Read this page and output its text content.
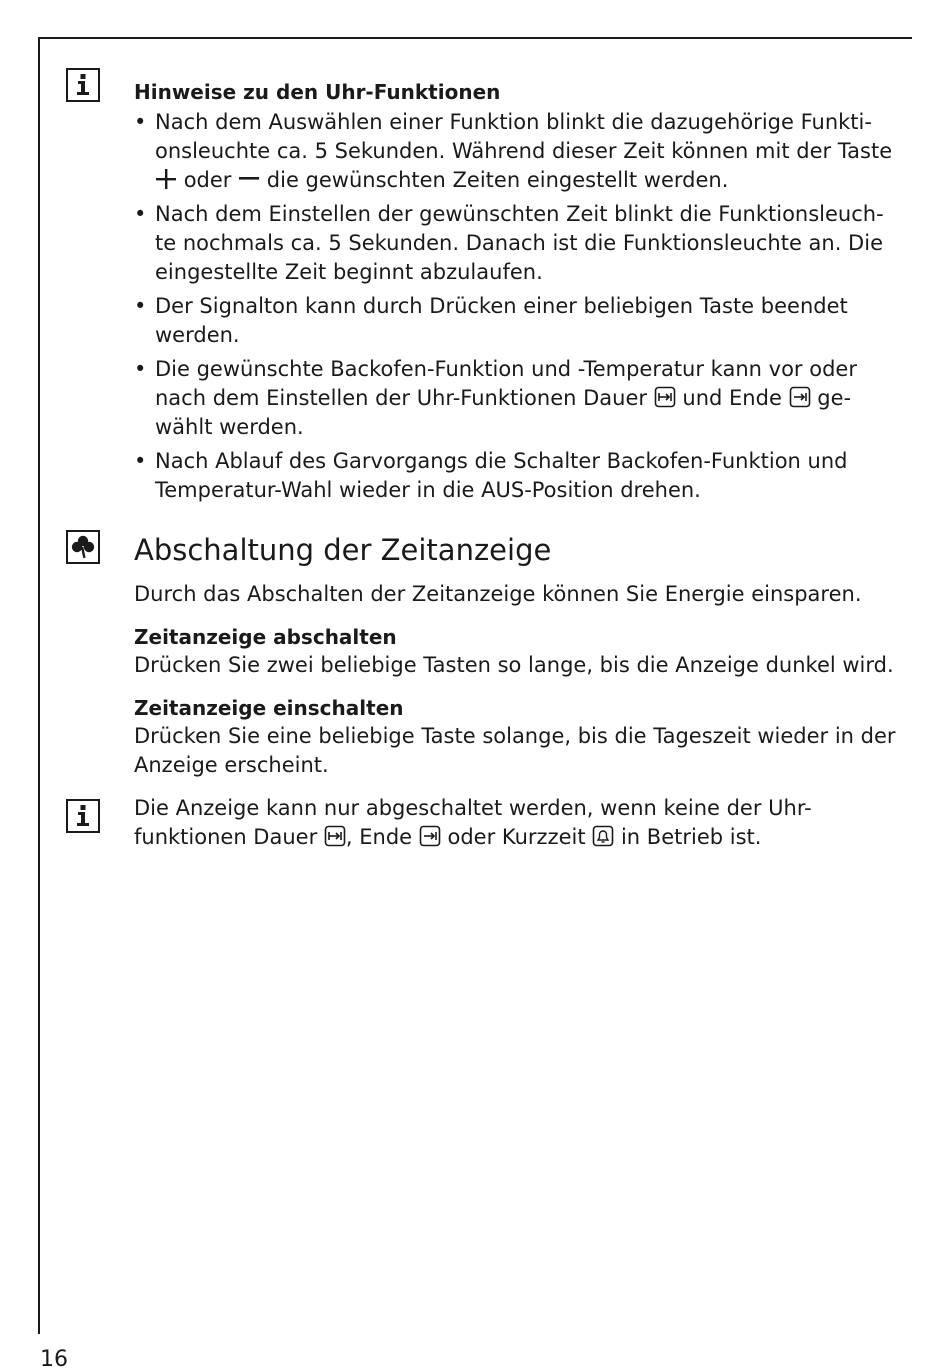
Hinweise zu den Uhr-Funktionen

• Nach dem Auswählen einer Funktion blinkt die dazugehörige Funkti-
onsleuchte ca. 5 Sekunden. Während dieser Zeit können mit der Taste

oder die gewünschten Zeiten eingestellt werden.
• Nach dem Einstellen der gewünschten Zeit blinkt die Funktionsleuch-
te nochmals ca. 5 Sekunden. Danach ist die Funktionsleuchte an. Die
eingestellte Zeit beginnt abzulaufen.
• Der Signalton kann durch Drücken einer beliebigen Taste beendet
werden.
• Die gewünschte Backofen-Funktion und -Temperatur kann vor oder
nach dem Einstellen der Uhr-Funktionen Dauer und Ende ge-
wählt werden.
• Nach Ablauf des Garvorgangs die Schalter Backofen-Funktion und
Temperatur-Wahl wieder in die AUS-Position drehen.
Abschaltung der Zeitanzeige

Durch das Abschalten der Zeitanzeige können Sie Energie einsparen.

Zeitanzeige abschalten

Drücken Sie zwei beliebige Tasten so lange, bis die Anzeige dunkel wird.

Zeitanzeige einschalten

Drücken Sie eine beliebige Taste solange, bis die Tageszeit wieder in der
Anzeige erscheint.

Die Anzeige kann nur abgeschaltet werden, wenn keine der Uhr-
funktionen Dauer , Ende oder Kurzzeit in Betrieb ist.

16
